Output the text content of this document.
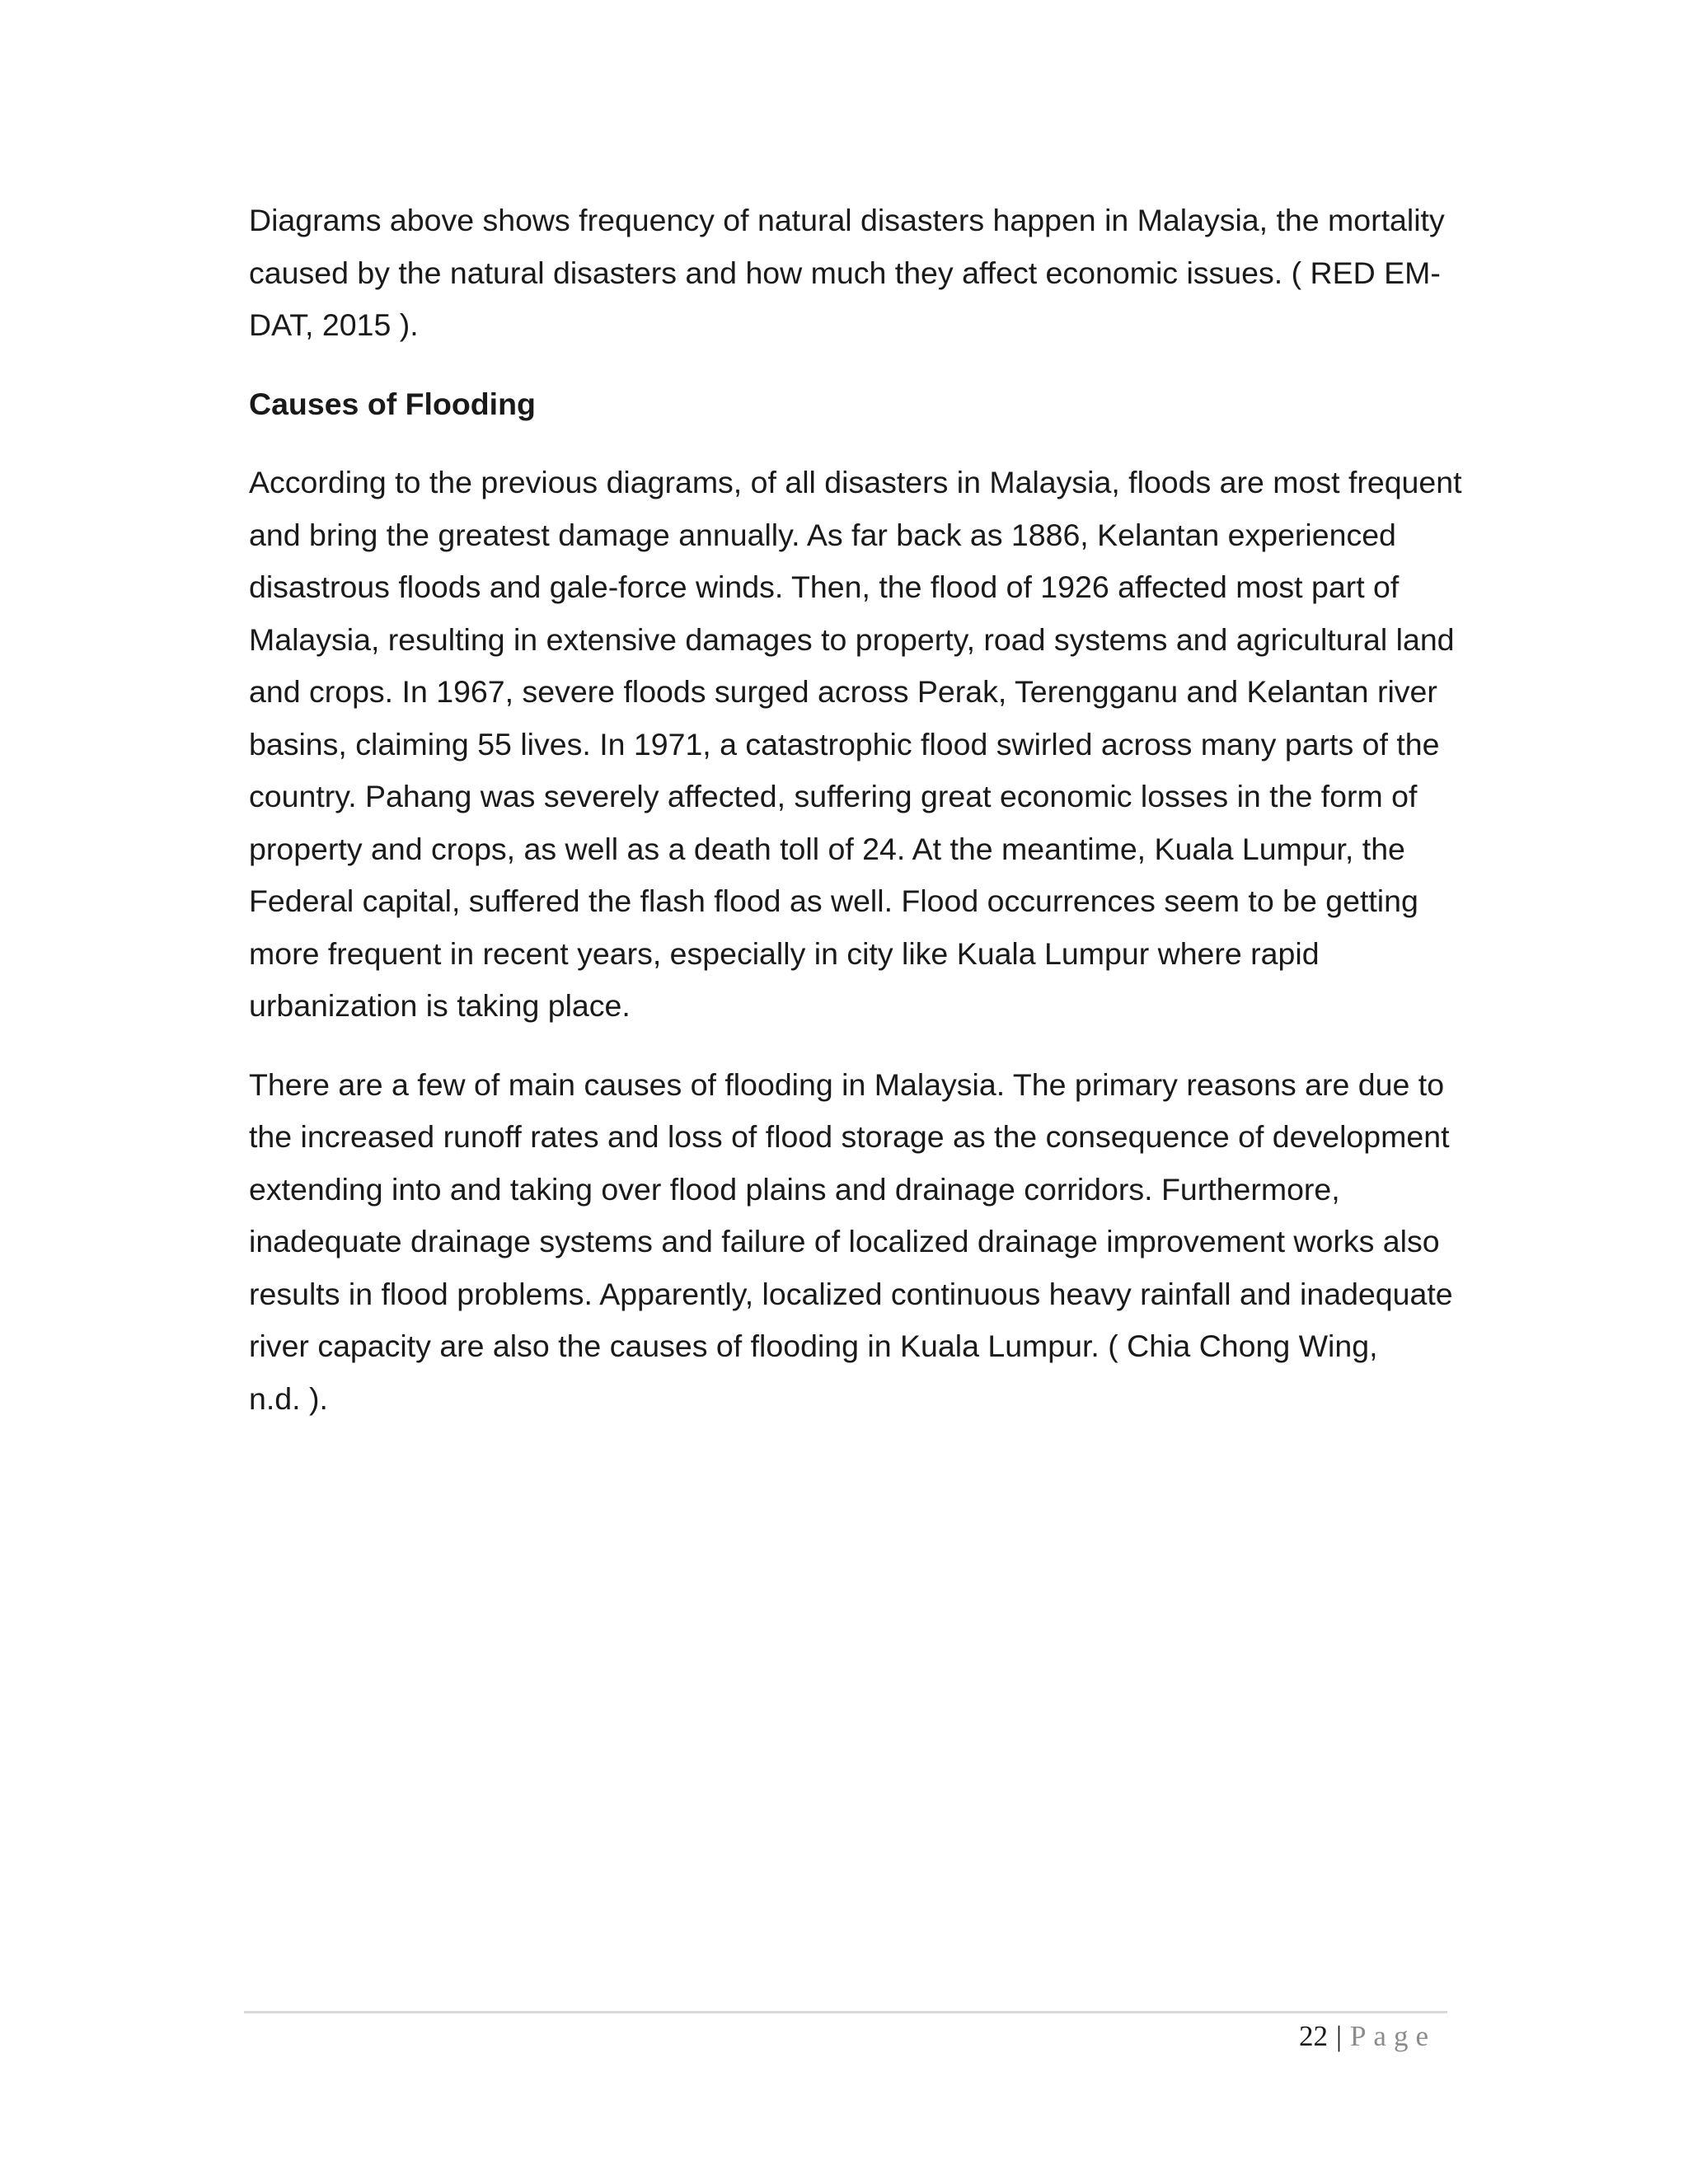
Diagrams above shows frequency of natural disasters happen in Malaysia, the mortality
caused by the natural disasters and how much they affect economic issues. ( RED EM-
DAT, 2015 ).

Causes of Flooding

According to the previous diagrams, of all disasters in Malaysia, floods are most frequent
and bring the greatest damage annually. As far back as 1886, Kelantan experienced
disastrous floods and gale-force winds. Then, the flood of 1926 affected most part of
Malaysia, resulting in extensive damages to property, road systems and agricultural land
and crops. In 1967, severe floods surged across Perak, Terengganu and Kelantan river
basins, claiming 55 lives. In 1971, a catastrophic flood swirled across many parts of the
country. Pahang was severely affected, suffering great economic losses in the form of
property and crops, as well as a death toll of 24. At the meantime, Kuala Lumpur, the
Federal capital, suffered the flash flood as well. Flood occurrences seem to be getting
more frequent in recent years, especially in city like Kuala Lumpur where rapid
urbanization is taking place.

There are a few of main causes of flooding in Malaysia. The primary reasons are due to
the increased runoff rates and loss of flood storage as the consequence of development
extending into and taking over flood plains and drainage corridors. Furthermore,
inadequate drainage systems and failure of localized drainage improvement works also
results in flood problems. Apparently, localized continuous heavy rainfall and inadequate
river capacity are also the causes of flooding in Kuala Lumpur. ( Chia Chong Wing,
n.d. ).

22 | Page
